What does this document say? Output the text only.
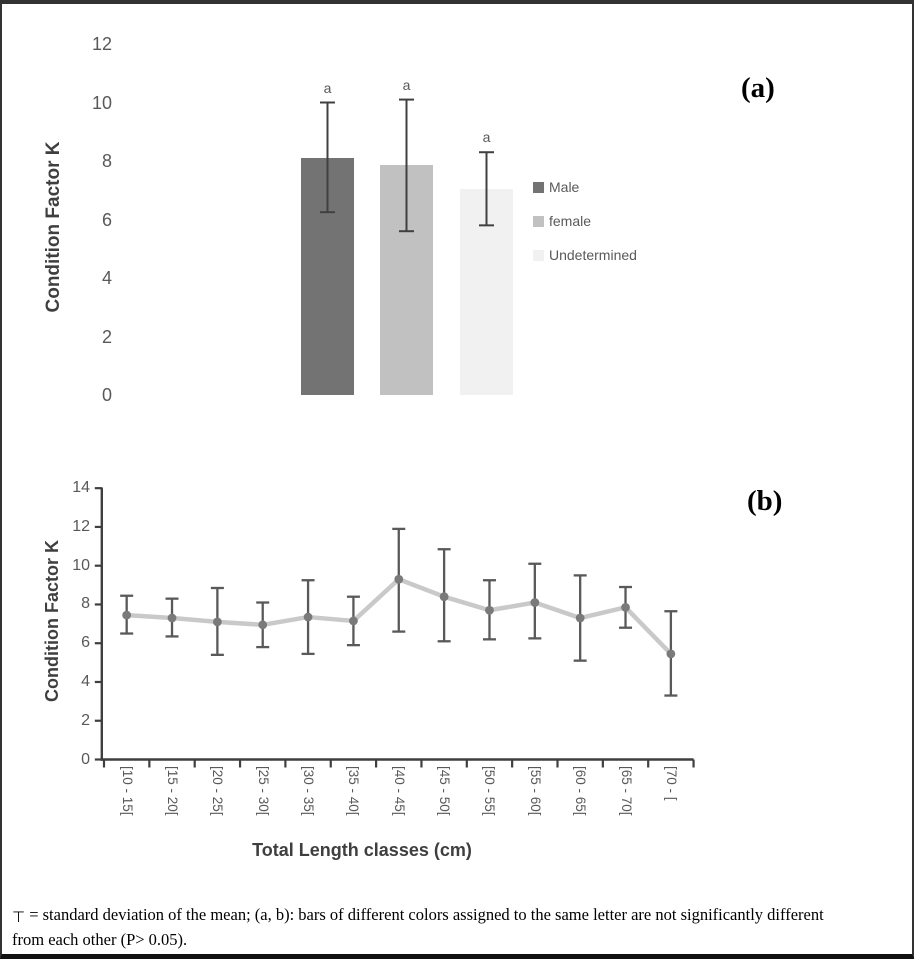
Condition Factor K
0
2
4
6
8
10
12
a	a
a
Male
female
Undetermined
(a)
Condition Factor K
0
2
4
6
8
10
12
14
[10 - 15[ [15 - 20[ [20 - 25[ [25 - 30[ [30 - 35[ [35 - 40[ [40 - 45[ [45 - 50[ [50 - 55[ [55 - 60[ [60 - 65[ [65 - 70[ [70 - [
Total Length classes (cm)
(b)
⊤ = standard deviation of the mean; (a, b): bars of different colors assigned to the same letter are not significantly different
from each other (P> 0.05).
